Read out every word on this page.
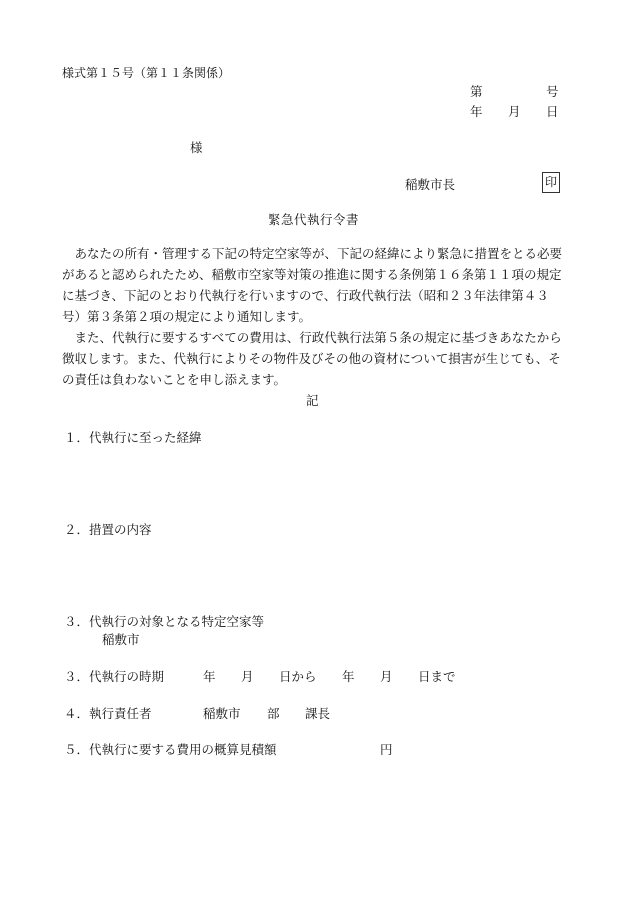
様式第１５号（第１１条関係）
第	号
年 月 日
様
稲敷市長	印
緊急代執行令書

あなたの所有・管理する下記の特定空家等が、下記の経緯により緊急に措置をとる必要があると認められたため、稲敷市空家等対策の推進に関する条例第１６条第１１項の規定に基づき、下記のとおり代執行を行いますので、行政代執行法（昭和２３年法律第４３号）第３条第２項の規定により通知します。

また、代執行に要するすべての費用は、行政代執行法第５条の規定に基づきあなたから徴収します。また、代執行によりその物件及びその他の資材について損害が生じても、その責任は負わないことを申し添えます。

記
１．代執行に至った経緯
２．措置の内容
３．代執行の対象となる特定空家等
稲敷市
３．代執行の時期	年 月 日から 年 月 日まで
４．執行責任者	稲敷市 部 課長
５．代執行に要する費用の概算見積額	円
